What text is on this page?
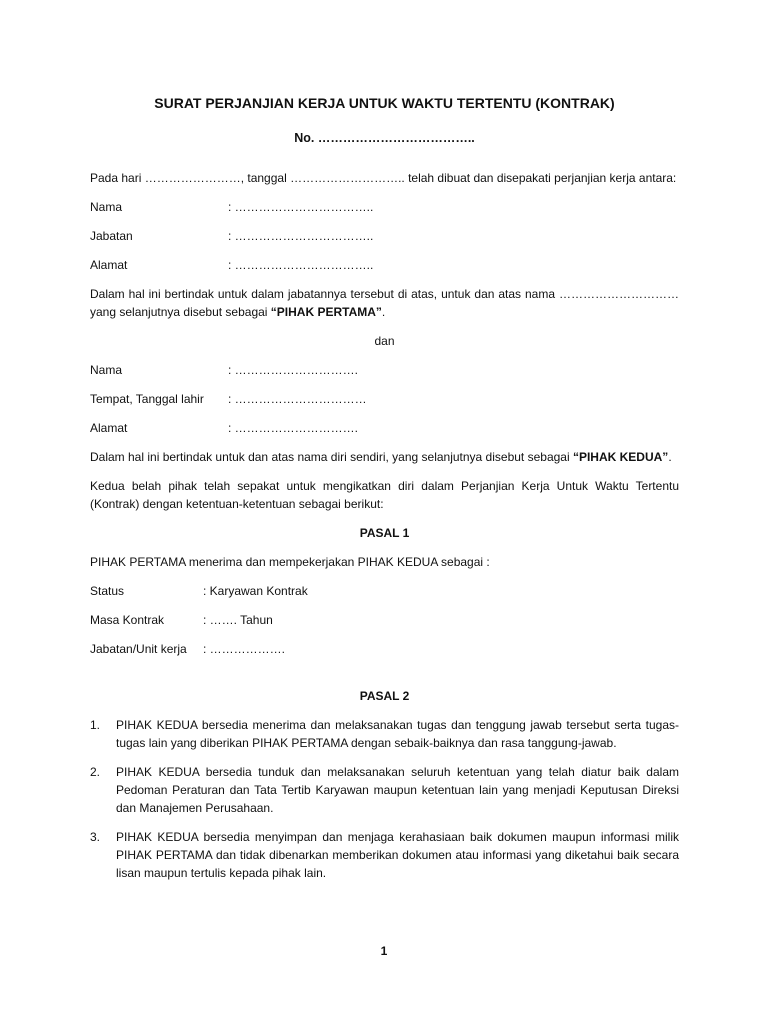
SURAT PERJANJIAN KERJA UNTUK WAKTU TERTENTU (KONTRAK)

No. ………………………………..

Pada hari ……………………, tanggal ……………………….. telah dibuat dan disepakati perjanjian kerja antara:

Nama	: ……………………………..
Jabatan	: ……………………………..
Alamat	: ……………………………..

Dalam hal ini bertindak untuk dalam jabatannya tersebut di atas, untuk dan atas nama ………………………… yang selanjutnya disebut sebagai “PIHAK PERTAMA”.

dan

Nama	: ………………………….
Tempat, Tanggal lahir	: ……………………………
Alamat	: ………………………….

Dalam hal ini bertindak untuk dan atas nama diri sendiri, yang selanjutnya disebut sebagai “PIHAK KEDUA”.

Kedua belah pihak telah sepakat untuk mengikatkan diri dalam Perjanjian Kerja Untuk Waktu Tertentu (Kontrak) dengan ketentuan-ketentuan sebagai berikut:

PASAL 1

PIHAK PERTAMA menerima dan mempekerjakan PIHAK KEDUA sebagai :

Status	: Karyawan Kontrak
Masa Kontrak	: ……. Tahun
Jabatan/Unit kerja	: ……………….

PASAL 2

1.	PIHAK KEDUA bersedia menerima dan melaksanakan tugas dan tenggung jawab tersebut serta tugas-tugas lain yang diberikan PIHAK PERTAMA dengan sebaik-baiknya dan rasa tanggung-jawab.
2.	PIHAK KEDUA bersedia tunduk dan melaksanakan seluruh ketentuan yang telah diatur baik dalam Pedoman Peraturan dan Tata Tertib Karyawan maupun ketentuan lain yang menjadi Keputusan Direksi dan Manajemen Perusahaan.
3.	PIHAK KEDUA bersedia menyimpan dan menjaga kerahasiaan baik dokumen maupun informasi milik PIHAK PERTAMA dan tidak dibenarkan memberikan dokumen atau informasi yang diketahui baik secara lisan maupun tertulis kepada pihak lain.
1
